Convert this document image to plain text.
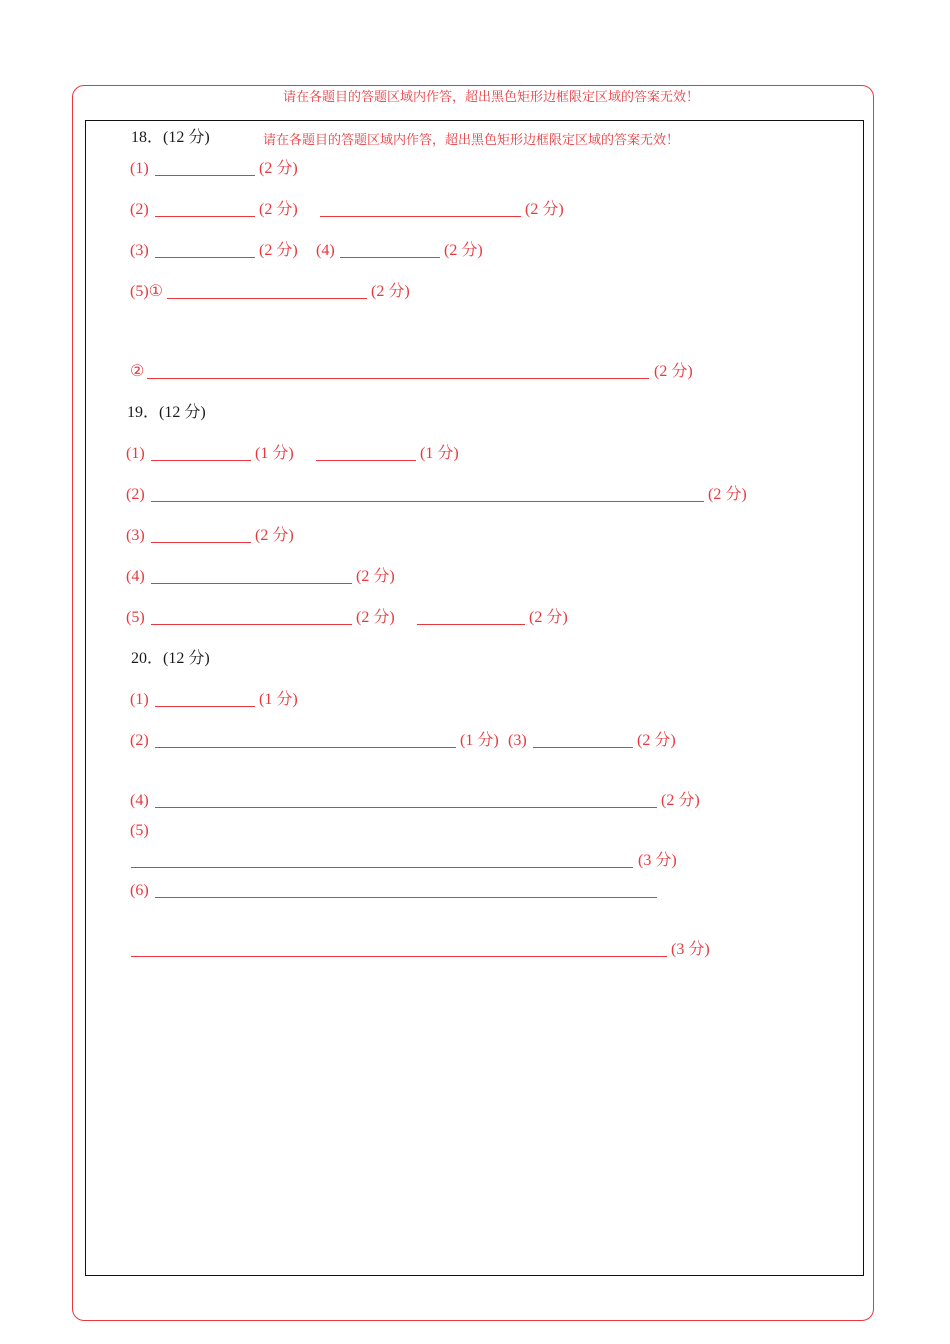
请在各题目的答题区域内作答，超出黑色矩形边框限定区域的答案无效！
18．(12 分)	请在各题目的答题区域内作答，超出黑色矩形边框限定区域的答案无效！
(1)	(2 分)
(2)	(2 分)	(2 分)
(3)	(2 分) (4)	(2 分)
(5)①	(2 分)
②	(2 分)
19．(12 分)
(1)	(1 分)	(1 分)
(2)	(2 分)
(3)	(2 分)
(4)	(2 分)
(5)	(2 分)	(2 分)
20．(12 分)
(1)	(1 分)
(2)	(1 分) (3)	(2 分)
(4)	(2 分)
(5)
(3 分)
(6)
(3 分)
